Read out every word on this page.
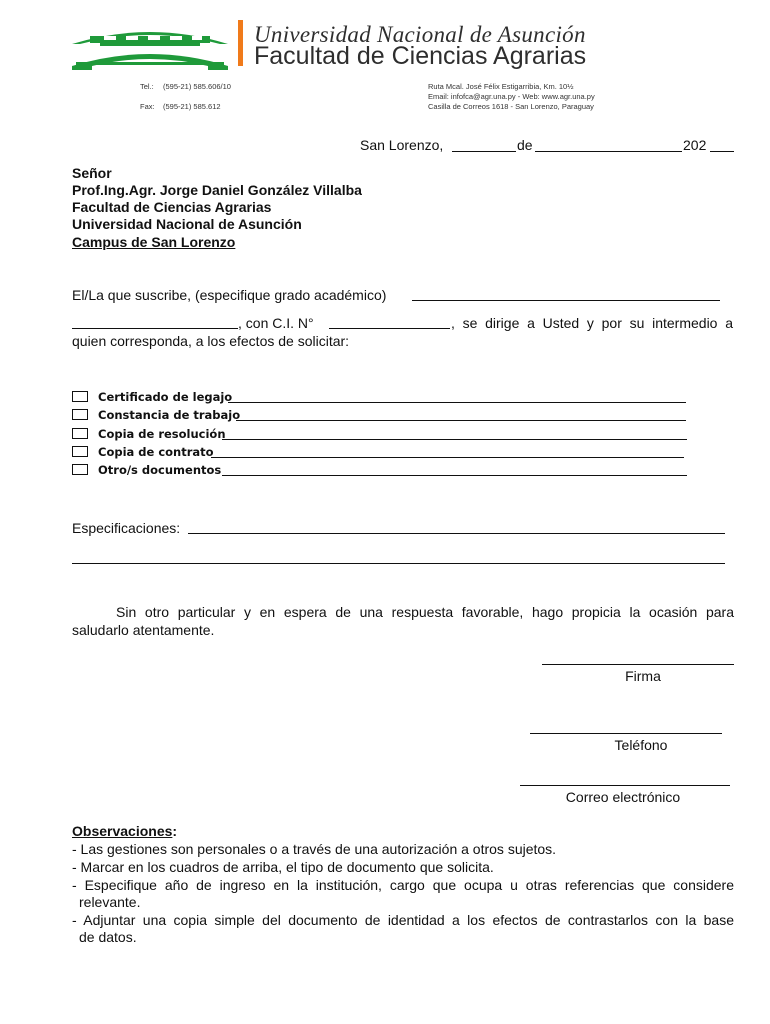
Universidad Nacional de Asunción
Facultad de Ciencias Agrarias
Tel.: (595-21) 585.606/10
Fax: (595-21) 585.612
Ruta Mcal. José Félix Estigarribia, Km. 10½
Email: infofca@agr.una.py - Web: www.agr.una.py
Casilla de Correos 1618 - San Lorenzo, Paraguay
San Lorenzo,	de	202
Señor
Prof.Ing.Agr. Jorge Daniel González Villalba
Facultad de Ciencias Agrarias
Universidad Nacional de Asunción
Campus de San Lorenzo
El/La que suscribe, (especifique grado académico)
, con C.I. N°	, se dirige a Usted y por su intermedio a
quien corresponda, a los efectos de solicitar:
Certificado de legajo
Constancia de trabajo
Copia de resolución
Copia de contrato
Otro/s documentos
Especificaciones:
Sin otro particular y en espera de una respuesta favorable, hago propicia la ocasión para
saludarlo atentamente.
Firma
Teléfono
Correo electrónico
Observaciones:
- Las gestiones son personales o a través de una autorización a otros sujetos.
- Marcar en los cuadros de arriba, el tipo de documento que solicita.
- Especifique año de ingreso en la institución, cargo que ocupa u otras referencias que considere
relevante.
- Adjuntar una copia simple del documento de identidad a los efectos de contrastarlos con la base
de datos.
